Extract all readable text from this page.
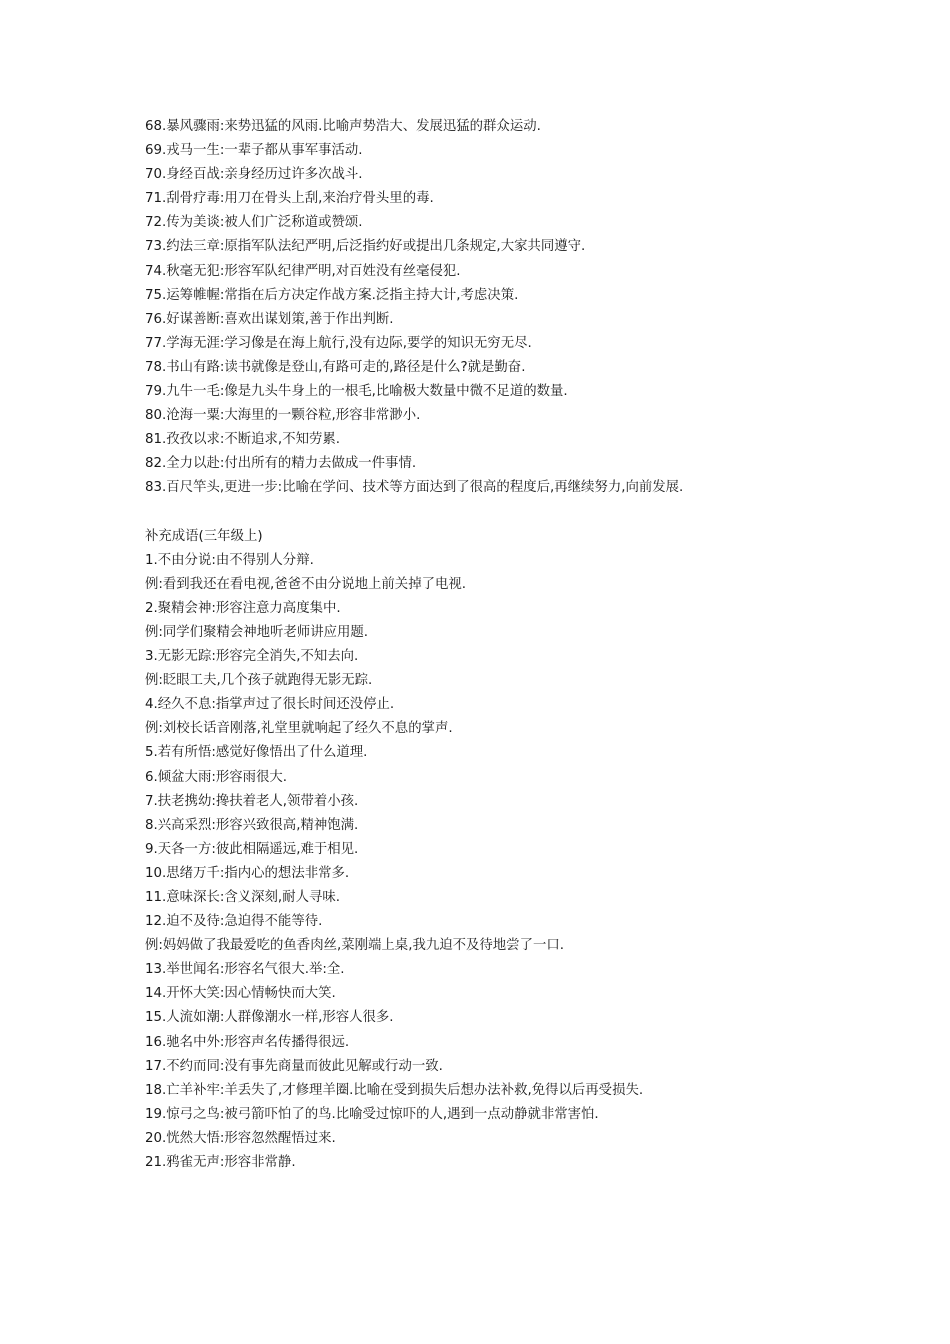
68.暴风骤雨:来势迅猛的风雨.比喻声势浩大、发展迅猛的群众运动.
69.戎马一生:一辈子都从事军事活动.
70.身经百战:亲身经历过许多次战斗.
71.刮骨疗毒:用刀在骨头上刮,来治疗骨头里的毒.
72.传为美谈:被人们广泛称道或赞颂.
73.约法三章:原指军队法纪严明,后泛指约好或提出几条规定,大家共同遵守.
74.秋毫无犯:形容军队纪律严明,对百姓没有丝毫侵犯.
75.运筹帷幄:常指在后方决定作战方案.泛指主持大计,考虑决策.
76.好谋善断:喜欢出谋划策,善于作出判断.
77.学海无涯:学习像是在海上航行,没有边际,要学的知识无穷无尽.
78.书山有路:读书就像是登山,有路可走的,路径是什么?就是勤奋.
79.九牛一毛:像是九头牛身上的一根毛,比喻极大数量中微不足道的数量.
80.沧海一粟:大海里的一颗谷粒,形容非常渺小.
81.孜孜以求:不断追求,不知劳累.
82.全力以赴:付出所有的精力去做成一件事情.
83.百尺竿头,更进一步:比喻在学问、技术等方面达到了很高的程度后,再继续努力,向前发展.
补充成语(三年级上)
1.不由分说:由不得别人分辩.
例:看到我还在看电视,爸爸不由分说地上前关掉了电视.
2.聚精会神:形容注意力高度集中.
例:同学们聚精会神地听老师讲应用题.
3.无影无踪:形容完全消失,不知去向.
例:眨眼工夫,几个孩子就跑得无影无踪.
4.经久不息:指掌声过了很长时间还没停止.
例:刘校长话音刚落,礼堂里就响起了经久不息的掌声.
5.若有所悟:感觉好像悟出了什么道理.
6.倾盆大雨:形容雨很大.
7.扶老携幼:搀扶着老人,领带着小孩.
8.兴高采烈:形容兴致很高,精神饱满.
9.天各一方:彼此相隔遥远,难于相见.
10.思绪万千:指内心的想法非常多.
11.意味深长:含义深刻,耐人寻味.
12.迫不及待:急迫得不能等待.
例:妈妈做了我最爱吃的鱼香肉丝,菜刚端上桌,我九迫不及待地尝了一口.
13.举世闻名:形容名气很大.举:全.
14.开怀大笑:因心情畅快而大笑.
15.人流如潮:人群像潮水一样,形容人很多.
16.驰名中外:形容声名传播得很远.
17.不约而同:没有事先商量而彼此见解或行动一致.
18.亡羊补牢:羊丢失了,才修理羊圈.比喻在受到损失后想办法补救,免得以后再受损失.
19.惊弓之鸟:被弓箭吓怕了的鸟.比喻受过惊吓的人,遇到一点动静就非常害怕.
20.恍然大悟:形容忽然醒悟过来.
21.鸦雀无声:形容非常静.
